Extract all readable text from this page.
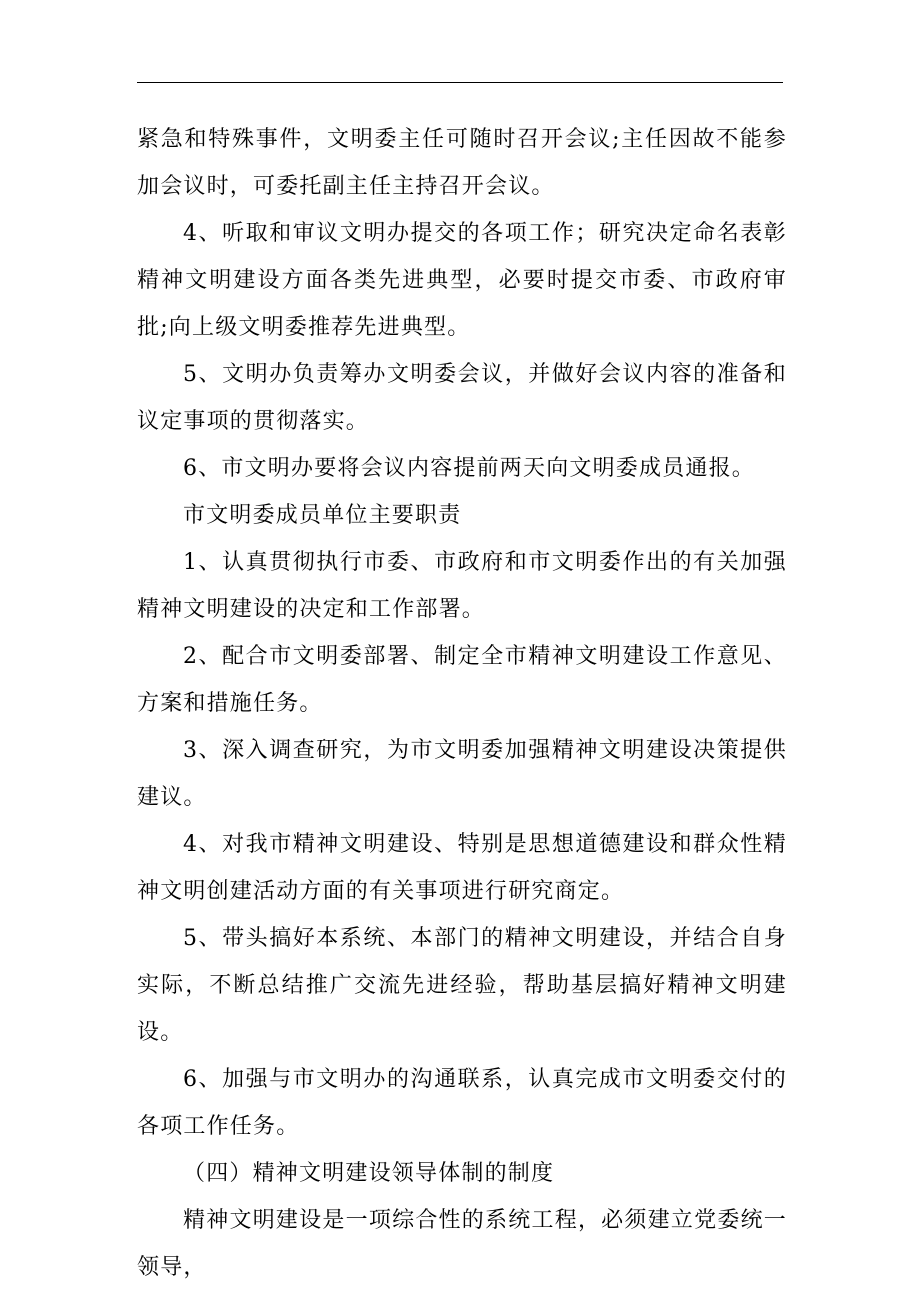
紧急和特殊事件，文明委主任可随时召开会议;主任因故不能参加会议时，可委托副主任主持召开会议。

4、听取和审议文明办提交的各项工作；研究决定命名表彰精神文明建设方面各类先进典型，必要时提交市委、市政府审批;向上级文明委推荐先进典型。

5、文明办负责筹办文明委会议，并做好会议内容的准备和议定事项的贯彻落实。

6、市文明办要将会议内容提前两天向文明委成员通报。

市文明委成员单位主要职责

1、认真贯彻执行市委、市政府和市文明委作出的有关加强精神文明建设的决定和工作部署。

2、配合市文明委部署、制定全市精神文明建设工作意见、方案和措施任务。

3、深入调查研究，为市文明委加强精神文明建设决策提供建议。

4、对我市精神文明建设、特别是思想道德建设和群众性精神文明创建活动方面的有关事项进行研究商定。

5、带头搞好本系统、本部门的精神文明建设，并结合自身实际，不断总结推广交流先进经验，帮助基层搞好精神文明建设。

6、加强与市文明办的沟通联系，认真完成市文明委交付的各项工作任务。

（四）精神文明建设领导体制的制度

精神文明建设是一项综合性的系统工程，必须建立党委统一领导，
